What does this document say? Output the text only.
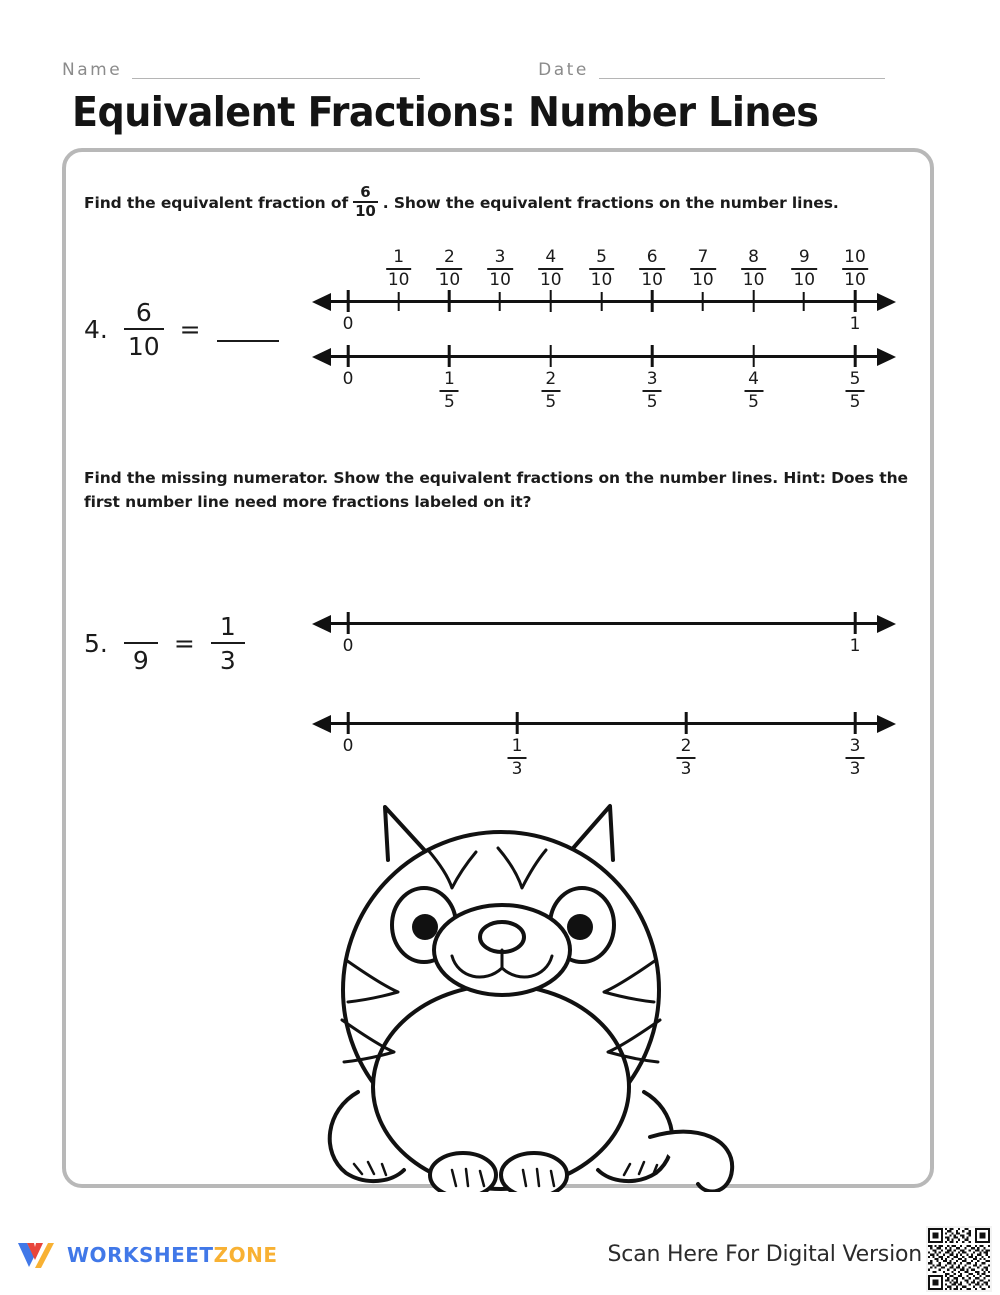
Name	Date
Equivalent Fractions: Number Lines
Find the equivalent fraction of $\frac{6}{10}$ . Show the equivalent fractions on the number lines.
Find the missing numerator. Show the equivalent fractions on the number lines. Hint: Does the first number line need more fractions labeled on it?
4. $\frac{6}{10}$ =
5.

9
= $\frac{1}{3}$
1
10
2
10
3
10
4
10
5
10
6
10
7
10
8
10
9
10
10
10
0	1
0	1
5
2
5
3
5
4
5
5
5
0	1
0	1
3
2
3
3
3
WORKSHEETZONE	Scan Here For Digital Version
